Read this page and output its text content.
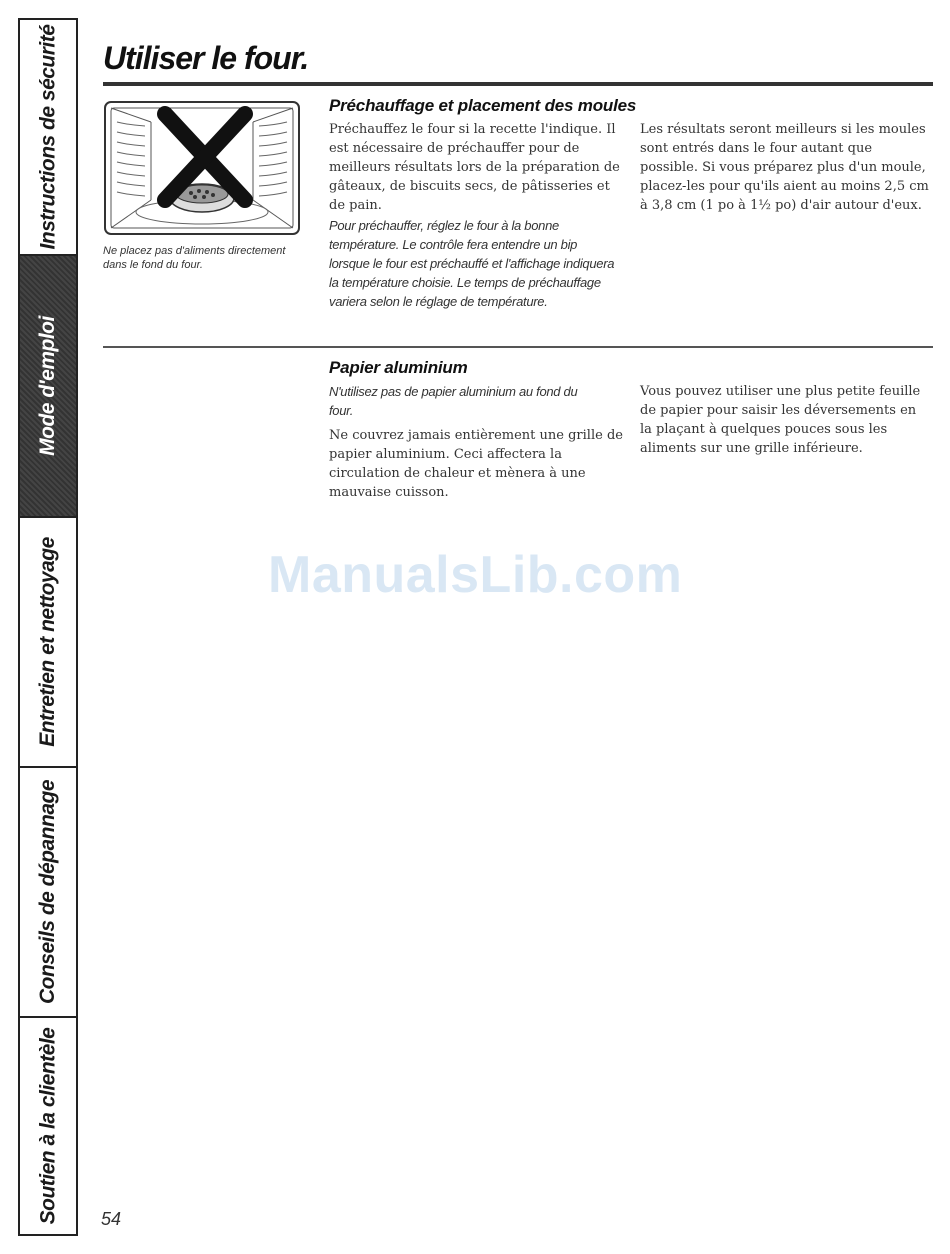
Instructions de sécurité
Mode d'emploi
Entretien et nettoyage
Conseils de dépannage
Soutien à la clientèle
Utiliser le four.

Ne placez pas d'aliments directement dans le fond du four.

Préchauffage et placement des moules

Préchauffez le four si la recette l'indique. Il est nécessaire de préchauffer pour de meilleurs résultats lors de la préparation de gâteaux, de biscuits secs, de pâtisseries et de pain.

Pour préchauffer, réglez le four à la bonne température. Le contrôle fera entendre un bip lorsque le four est préchauffé et l'affichage indiquera la température choisie. Le temps de préchauffage variera selon le réglage de température.

Les résultats seront meilleurs si les moules sont entrés dans le four autant que possible. Si vous préparez plus d'un moule, placez-les pour qu'ils aient au moins 2,5 cm à 3,8 cm (1 po à 1½ po) d'air autour d'eux.

Papier aluminium

N'utilisez pas de papier aluminium au fond du four.

Ne couvrez jamais entièrement une grille de papier aluminium. Ceci affectera la circulation de chaleur et mènera à une mauvaise cuisson.

Vous pouvez utiliser une plus petite feuille de papier pour saisir les déversements en la plaçant à quelques pouces sous les aliments sur une grille inférieure.

ManualsLib.com

54
